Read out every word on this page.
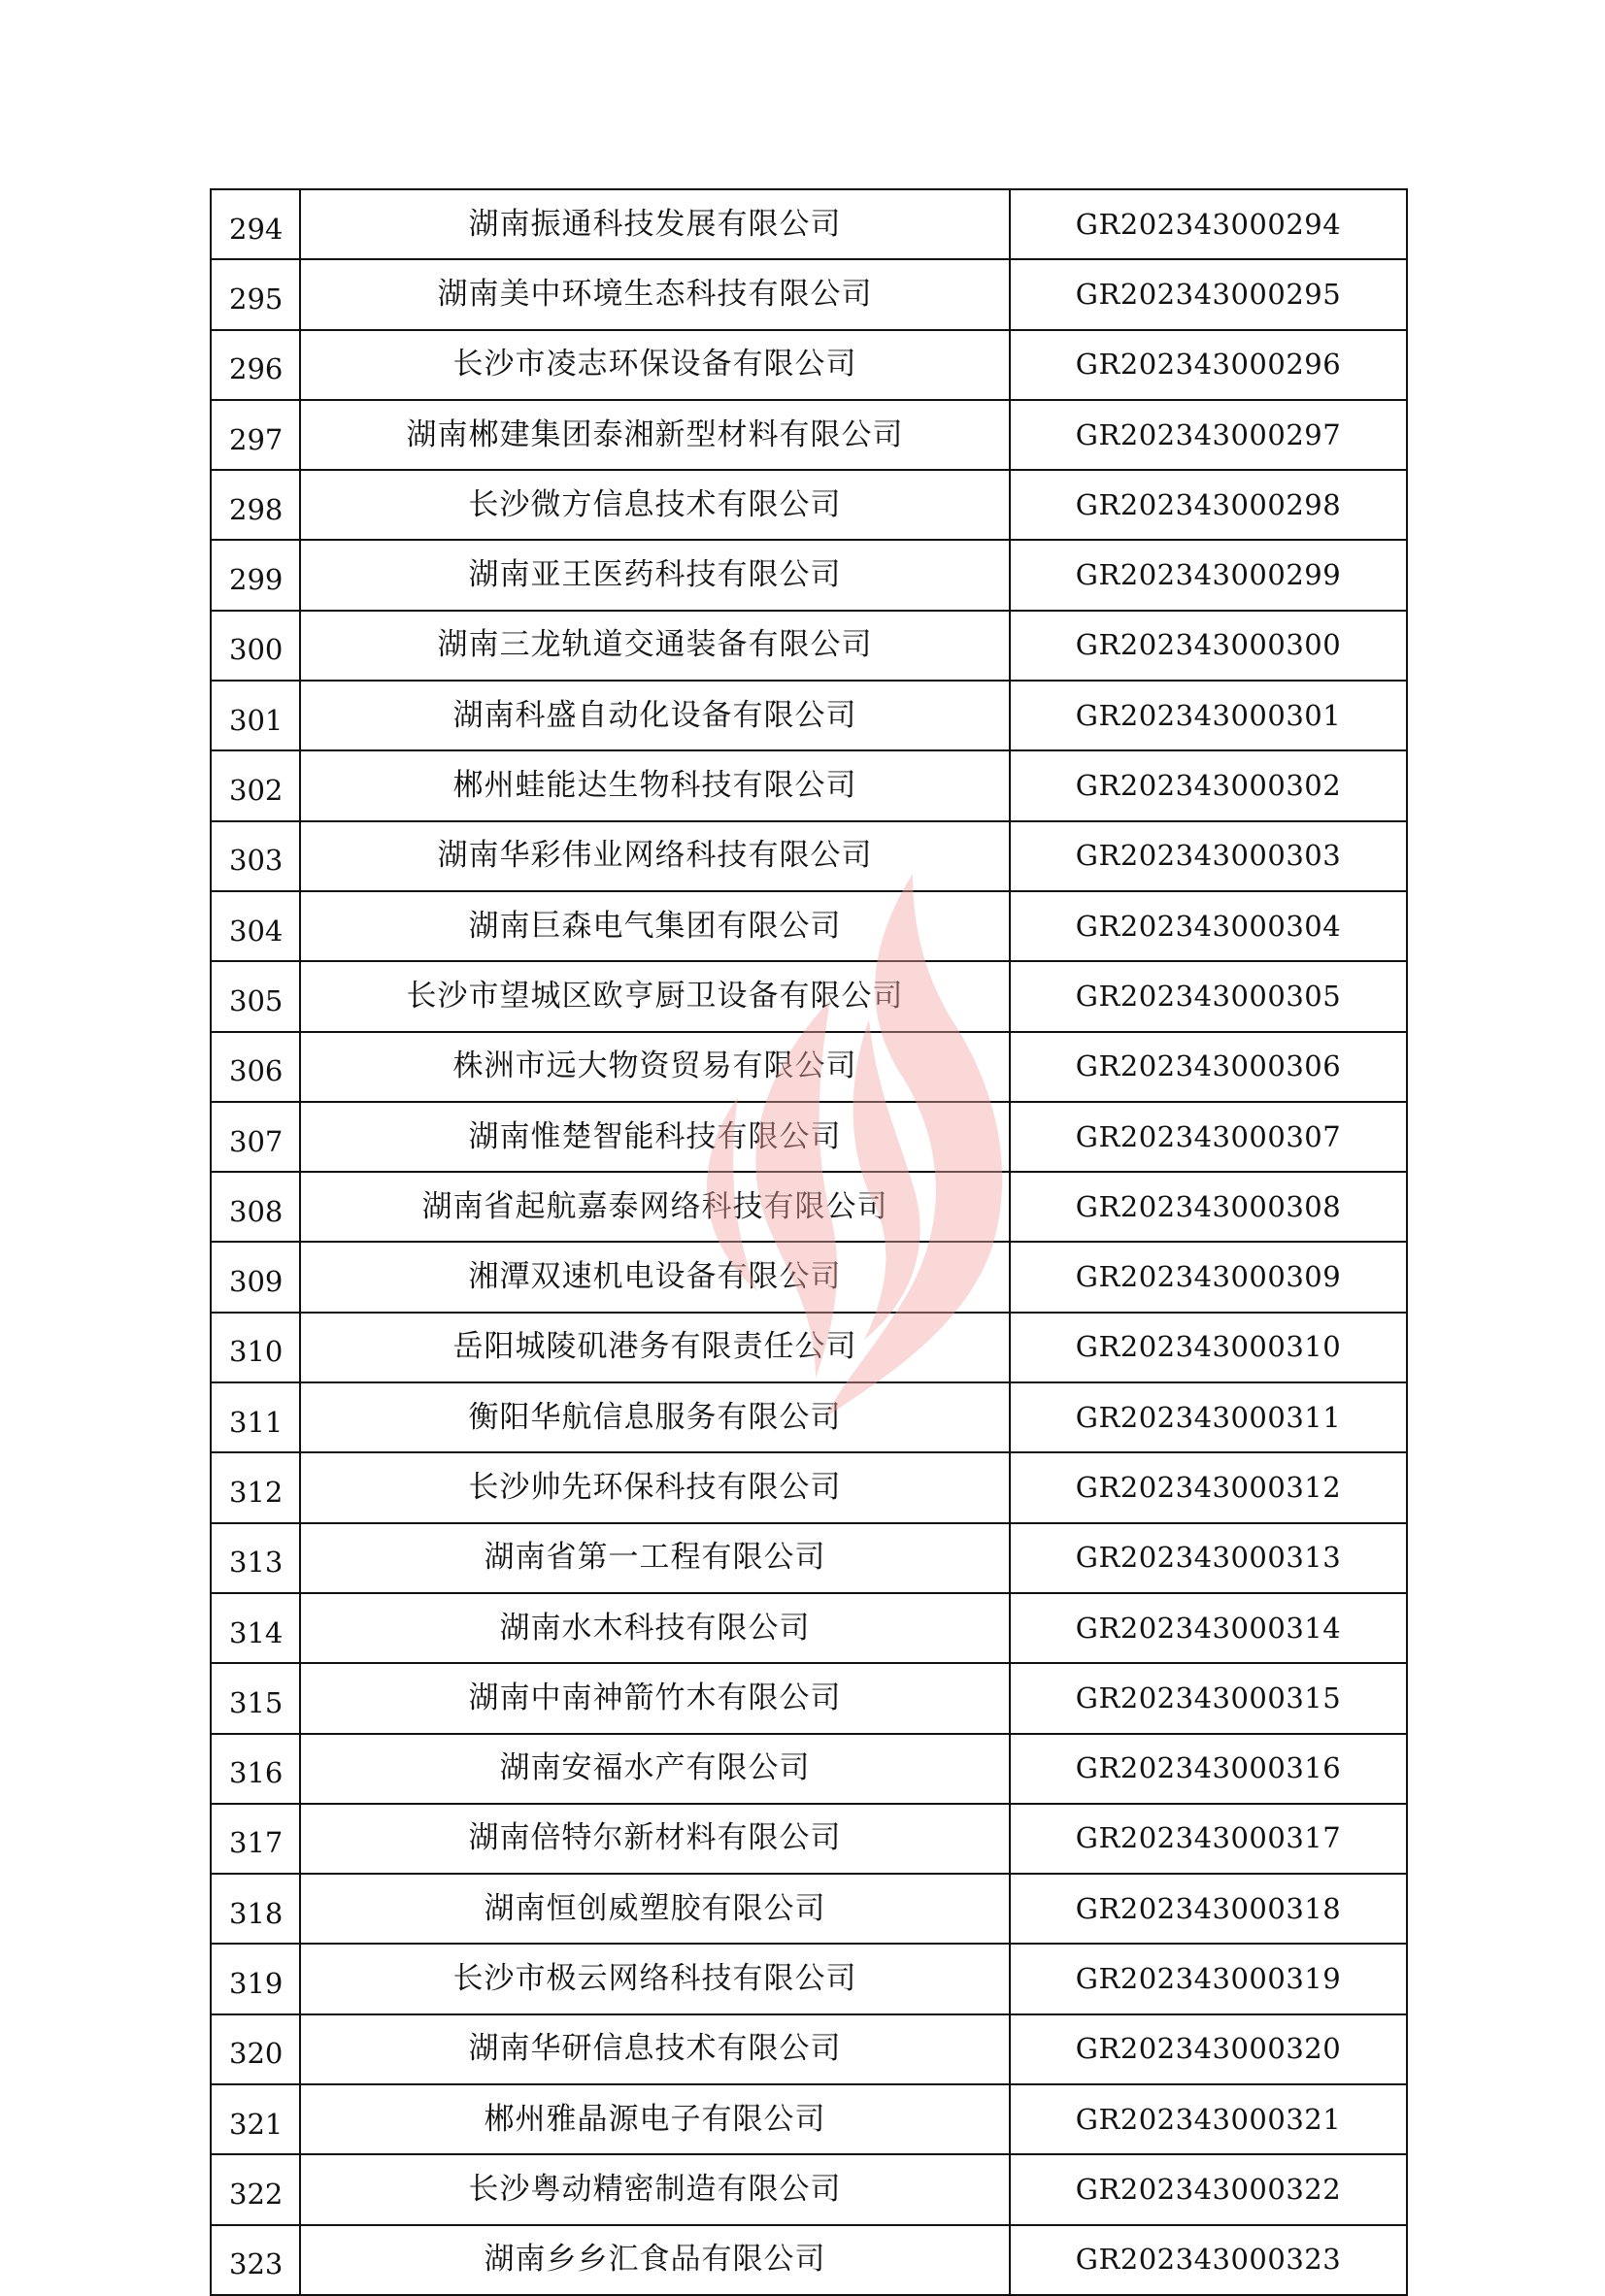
294	湖南振通科技发展有限公司	GR202343000294
295	湖南美中环境生态科技有限公司	GR202343000295
296	长沙市凌志环保设备有限公司	GR202343000296
297	湖南郴建集团泰湘新型材料有限公司	GR202343000297
298	长沙微方信息技术有限公司	GR202343000298
299	湖南亚王医药科技有限公司	GR202343000299
300	湖南三龙轨道交通装备有限公司	GR202343000300
301	湖南科盛自动化设备有限公司	GR202343000301
302	郴州蛙能达生物科技有限公司	GR202343000302
303	湖南华彩伟业网络科技有限公司	GR202343000303
304	湖南巨森电气集团有限公司	GR202343000304
305	长沙市望城区欧亨厨卫设备有限公司	GR202343000305
306	株洲市远大物资贸易有限公司	GR202343000306
307	湖南惟楚智能科技有限公司	GR202343000307
308	湖南省起航嘉泰网络科技有限公司	GR202343000308
309	湘潭双速机电设备有限公司	GR202343000309
310	岳阳城陵矶港务有限责任公司	GR202343000310
311	衡阳华航信息服务有限公司	GR202343000311
312	长沙帅先环保科技有限公司	GR202343000312
313	湖南省第一工程有限公司	GR202343000313
314	湖南水木科技有限公司	GR202343000314
315	湖南中南神箭竹木有限公司	GR202343000315
316	湖南安福水产有限公司	GR202343000316
317	湖南倍特尔新材料有限公司	GR202343000317
318	湖南恒创威塑胶有限公司	GR202343000318
319	长沙市极云网络科技有限公司	GR202343000319
320	湖南华研信息技术有限公司	GR202343000320
321	郴州雅晶源电子有限公司	GR202343000321
322	长沙粤动精密制造有限公司	GR202343000322
323	湖南乡乡汇食品有限公司	GR202343000323
